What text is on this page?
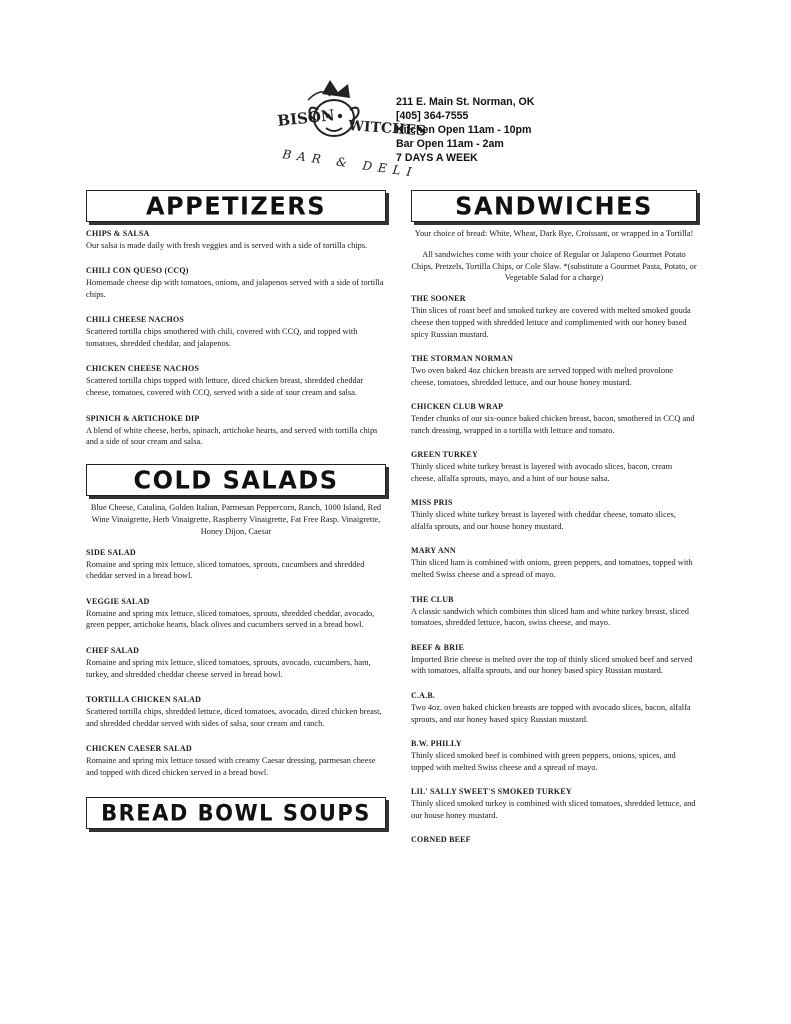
BISON WITCHES
BAR & DELI
211 E. Main St. Norman, OK
[405] 364-7555
Kitchen Open 11am - 10pm
Bar Open 11am - 2am
7 DAYS A WEEK
APPETIZERS

CHIPS & SALSA

Our salsa is made daily with fresh veggies and is served with a side of tortilla chips.

CHILI CON QUESO (CCQ)

Homemade cheese dip with tomatoes, onions, and jalapenos served with a side of tortilla chips.

CHILI CHEESE NACHOS

Scattered tortilla chips smothered with chili, covered with CCQ, and topped with tomatoes, shredded cheddar, and jalapenos.

CHICKEN CHEESE NACHOS

Scattered tortilla chips topped with lettuce, diced chicken breast, shredded cheddar cheese, tomatoes, covered with CCQ, served with a side of sour cream and salsa.

SPINICH & ARTICHOKE DIP

A blend of white cheese, herbs, spinach, artichoke hearts, and served with tortilla chips and a side of sour cream and salsa.

COLD SALADS

Blue Cheese, Catalina, Golden Italian, Parmesan Peppercorn, Ranch, 1000 Island, Red Wine Vinaigrette, Herb Vinaigrette, Raspberry Vinaigrette, Fat Free Rasp. Vinaigrette, Honey Dijon, Caesar

SIDE SALAD

Romaine and spring mix lettuce, sliced tomatoes, sprouts, cucumbers and shredded cheddar served in a bread bowl.

VEGGIE SALAD

Romaine and spring mix lettuce, sliced tomatoes, sprouts, shredded cheddar, avocado, green pepper, artichoke hearts, black olives and cucumbers served in a bread bowl.

CHEF SALAD

Romaine and spring mix lettuce, sliced tomatoes, sprouts, avocado, cucumbers, ham, turkey, and shredded cheddar cheese served in bread bowl.

TORTILLA CHICKEN SALAD

Scattered tortilla chips, shredded lettuce, diced tomatoes, avocado, diced chicken breast, and shredded cheddar served with sides of salsa, sour cream and ranch.

CHICKEN CAESER SALAD

Romaine and spring mix lettuce tossed with creamy Caesar dressing, parmesan cheese and topped with diced chicken served in a bread bowl.

BREAD BOWL SOUPS
SANDWICHES

Your choice of bread: White, Wheat, Dark Rye, Croissant, or wrapped in a Tortilla!

All sandwiches come with your choice of Regular or Jalapeno Gourmet Potato Chips, Pretzels, Tortilla Chips, or Cole Slaw. *(substitute a Gourmet Pasta, Potato, or Vegetable Salad for a charge)

THE SOONER

Thin slices of roast beef and smoked turkey are covered with melted smoked gouda cheese then topped with shredded lettuce and complimented with our honey based spicy Russian mustard.

THE STORMAN NORMAN

Two oven baked 4oz chicken breasts are served topped with melted provolone cheese, tomatoes, shredded lettuce, and our house honey mustard.

CHICKEN CLUB WRAP

Tender chunks of our six-ounce baked chicken breast, bacon, smothered in CCQ and ranch dressing, wrapped in a tortilla with lettuce and tomato.

GREEN TURKEY

Thinly sliced white turkey breast is layered with avocado slices, bacon, cream cheese, alfalfa sprouts, mayo, and a hint of our house salsa.

MISS PRIS

Thinly sliced white turkey breast is layered with cheddar cheese, tomato slices, alfalfa sprouts, and our house honey mustard.

MARY ANN

Thin sliced ham is combined with onions, green peppers, and tomatoes, topped with melted Swiss cheese and a spread of mayo.

THE CLUB

A classic sandwich which combines thin sliced ham and white turkey breast, sliced tomatoes, shredded lettuce, bacon, swiss cheese, and mayo.

BEEF & BRIE

Imported Brie cheese is melted over the top of thinly sliced smoked beef and served with tomatoes, alfalfa sprouts, and our honey based spicy Russian mustard.

C.A.B.

Two 4oz. oven baked chicken breasts are topped with avocado slices, bacon, alfalfa sprouts, and our honey based spicy Russian mustard.

B.W. PHILLY

Thinly sliced smoked beef is combined with green peppers, onions, spices, and topped with melted Swiss cheese and a spread of mayo.

LIL' SALLY SWEET'S SMOKED TURKEY

Thinly sliced smoked turkey is combined with sliced tomatoes, shredded lettuce, and our house honey mustard.

CORNED BEEF
